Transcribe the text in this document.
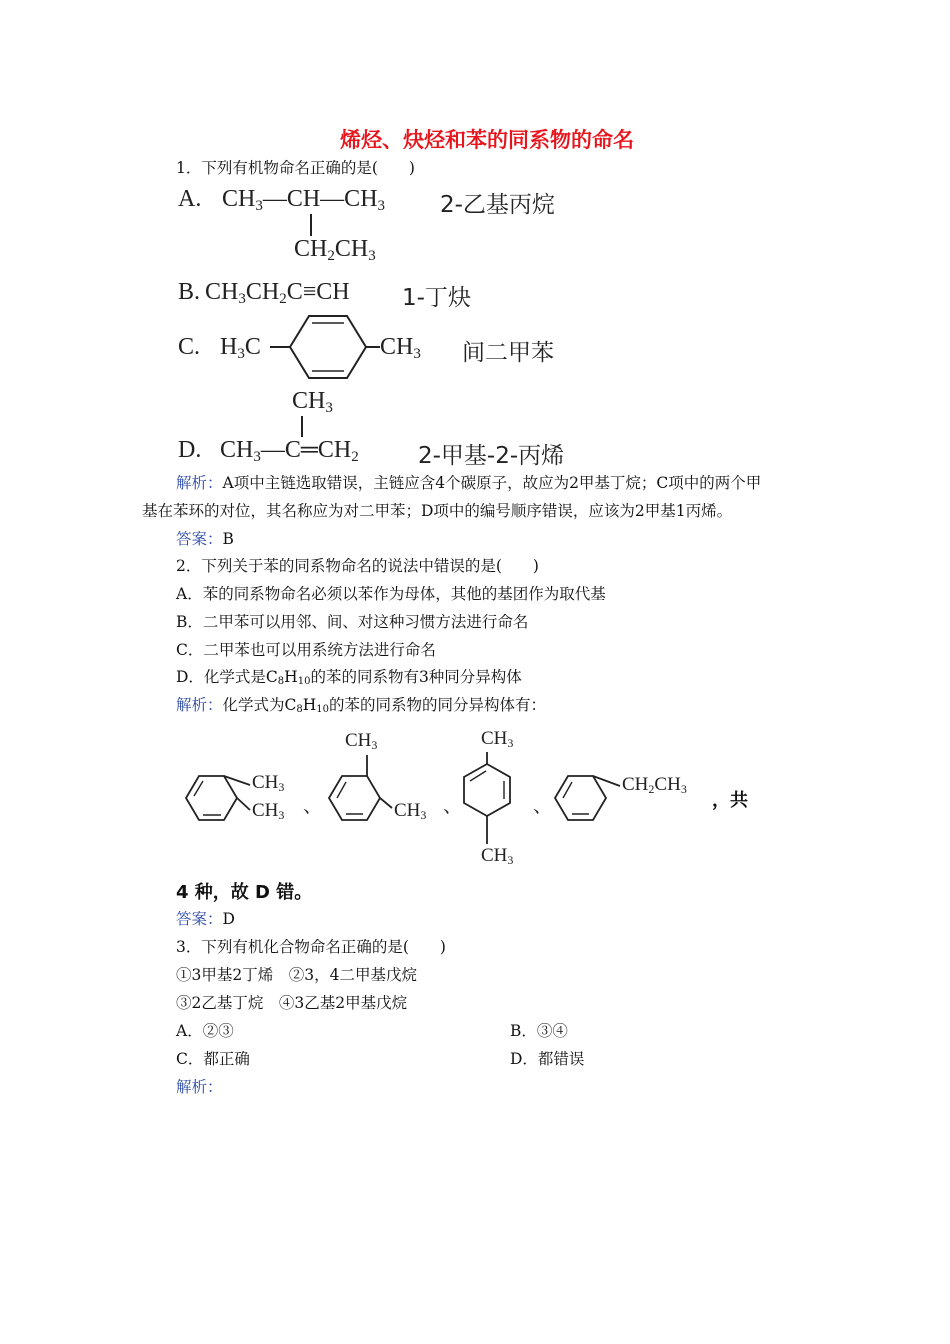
烯烃、炔烃和苯的同系物的命名
1．下列有机物命名正确的是(　　)
A. $CH_3—CH—CH_3$
$CH_2CH_3$
2-乙基丙烷
B. $CH_3CH_2C\equiv CH$ 1-丁炔
C. $H_3C$	$CH_3$ 间二甲苯
$CH_3$
D. $CH_3—C═CH_2$	2-甲基-2-丙烯
解析：A项中主链选取错误，主链应含4个碳原子，故应为2甲基丁烷；C项中的两个甲
基在苯环的对位，其名称应为对二甲苯；D项中的编号顺序错误，应该为2甲基1丙烯。
答案：B
2．下列关于苯的同系物命名的说法中错误的是(　　)
A．苯的同系物命名必须以苯作为母体，其他的基团作为取代基
B．二甲苯可以用邻、间、对这种习惯方法进行命名
C．二甲苯也可以用系统方法进行命名
D．化学式是$C_8H_{10}$的苯的同系物有3种同分异构体
解析：化学式为$C_8H_{10}$的苯的同系物的同分异构体有：
$CH_3$
$CH_3$ 、
$CH_3$
$CH_3$ 、
$CH_3$
$CH_3$
、
$CH_2CH_3$
，共
4 种，故 D 错。
答案：D
3．下列有机化合物命名正确的是(　　)
①3甲基2丁烯　②3，4二甲基戊烷
③2乙基丁烷　④3乙基2甲基戊烷
A．②③	B．③④
C．都正确	D．都错误
解析：
